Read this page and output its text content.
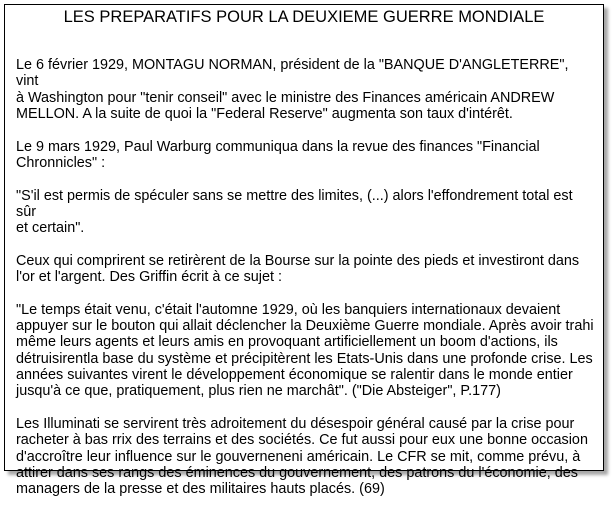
LES PREPARATIFS POUR LA DEUXIEME GUERRE MONDIALE

Le 6 février 1929, MONTAGU NORMAN, président de la "BANQUE D'ANGLETERRE", vint
à Washington pour "tenir conseil" avec le ministre des Finances américain ANDREW
MELLON. A la suite de quoi la "Federal Reserve" augmenta son taux d'intérêt.

Le 9 mars 1929, Paul Warburg communiqua dans la revue des finances "Financial
Chronnicles" :

"S'il est permis de spéculer sans se mettre des limites, (...) alors l'effondrement total est sûr
et certain".

Ceux qui comprirent se retirèrent de la Bourse sur la pointe des pieds et investiront dans
l'or et l'argent. Des Griffin écrit à ce sujet :

"Le temps était venu, c'était l'automne 1929, où les banquiers internationaux devaient
appuyer sur le bouton qui allait déclencher la Deuxième Guerre mondiale. Après avoir trahi
même leurs agents et leurs amis en provoquant artificiellement un boom d'actions, ils
détruisirentla base du système et précipitèrent les Etats-Unis dans une profonde crise. Les
années suivantes virent le développement économique se ralentir dans le monde entier
jusqu'à ce que, pratiquement, plus rien ne marchât". ("Die Absteiger", P.177)

Les Illuminati se servirent très adroitement du désespoir général causé par la crise pour
racheter à bas rrix des terrains et des sociétés. Ce fut aussi pour eux une bonne occasion
d'accroître leur influence sur le gouverneneni américain. Le CFR se mit, comme prévu, à
attirer dans ses rangs des éminences du gouvernement, des patrons du l'économie, des
managers de la presse et des militaires hauts placés. (69)
